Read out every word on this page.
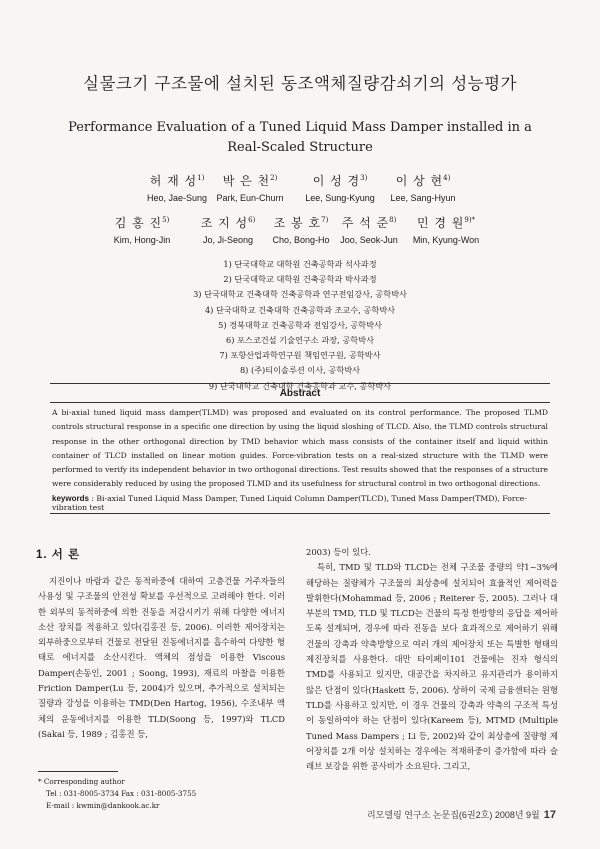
실물크기 구조물에 설치된 동조액체질량감쇠기의 성능평가
Performance Evaluation of a Tuned Liquid Mass Damper installed in a Real-Scaled Structure
허 재 성$^{1)}$
Heo, Jae-Sung
박 은 천$^{2)}$
Park, Eun-Churn
이 성 경$^{3)}$
Lee, Sung-Kyung
이 상 현$^{4)}$
Lee, Sang-Hyun
김 홍 진$^{5)}$
Kim, Hong-Jin
조 지 성$^{6)}$
Jo, Ji-Seong
조 봉 호$^{7)}$
Cho, Bong-Ho
주 석 준$^{8)}$
Joo, Seok-Jun
민 경 원$^{9)*}$
Min, Kyung-Won
1) 단국대학교 대학원 건축공학과 석사과정
2) 단국대학교 대학원 건축공학과 박사과정
3) 단국대학교 건축대학 건축공학과 연구전임강사, 공학박사
4) 단국대학교 건축대학 건축공학과 조교수, 공학박사
5) 경북대학교 건축공학과 전임강사, 공학박사
6) 포스코건설 기술연구소 과장, 공학박사
7) 포항산업과학연구원 책임연구원, 공학박사
8) (주)티이솔루션 이사, 공학박사
9) 단국대학교 건축대학 건축공학과 교수, 공학박사
Abstract
A bi-axial tuned liquid mass damper(TLMD) was proposed and evaluated on its control performance. The proposed TLMD controls structural response in a specific one direction by using the liquid sloshing of TLCD. Also, the TLMD controls structural response in the other orthogonal direction by TMD behavior which mass consists of the container itself and liquid within container of TLCD installed on linear motion guides. Force-vibration tests on a real-sized structure with the TLMD were performed to verify its independent behavior in two orthogonal directions. Test results showed that the responses of a structure were considerably reduced by using the proposed TLMD and its usefulness for structural control in two orthogonal directions.
keywords : Bi-axial Tuned Liquid Mass Damper, Tuned Liquid Column Damper(TLCD), Tuned Mass Damper(TMD), Force-vibration test
1. 서 론
지진이나 바람과 같은 동적하중에 대하여 고층건물 거주자들의 사용성 및 구조물의 안전성 확보를 우선적으로 고려해야 한다. 이러한 외부의 동적하중에 의한 진동을 저감시키기 위해 다양한 에너지 소산 장치를 적용하고 있다(김홍진 등, 2006). 이러한 제어장치는 외부하중으로부터 건물로 전달된 진동에너지를 흡수하여 다양한 형태로 에너지를 소산시킨다. 액체의 점성을 이용한 Viscous Damper(손동인, 2001 ; Soong, 1993), 재료의 마찰을 이용한 Friction Damper(Lu 등, 2004)가 있으며, 추가적으로 설치되는 질량과 강성을 이용하는 TMD(Den Hartog, 1956), 수조내부 액체의 운동에너지를 이용한 TLD(Soong 등, 1997)와 TLCD (Sakai 등, 1989 ; 김홍진 등,

2003) 등이 있다.

특히, TMD 및 TLD와 TLCD는 전체 구조물 중량의 약1~3%에 해당하는 질량체가 구조물의 최상층에 설치되어 효율적인 제어력을 발휘한다(Mohammad 등, 2006 ; Reiterer 등, 2005). 그러나 대부분의 TMD, TLD 및 TLCD는 건물의 특정 한방향의 응답을 제어하도록 설계되며, 경우에 따라 진동을 보다 효과적으로 제어하기 위해 건물의 강축과 약축방향으로 여러 개의 제어장치 또는 특별한 형태의 제진장치를 사용한다. 대만 타이페이101 건물에는 진자 형식의 TMD를 사용되고 있지만, 대공간을 차지하고 유지관리가 용이하지 않은 단점이 있다(Haskett 등, 2006). 상하이 국제 금융센터는 원형 TLD를 사용하고 있지만, 이 경우 건물의 강축과 약축의 구조적 특성이 동일하여야 하는 단점이 있다(Kareem 등), MTMD (Multiple Tuned Mass Dampers ; Li 등, 2002)와 같이 최상층에 질량형 제어장치를 2개 이상 설치하는 경우에는 적재하중이 증가함에 따라 슬래브 보강을 위한 공사비가 소요된다. 그리고,

* Corresponding author
Tel : 031-8005-3734 Fax : 031-8005-3755
E-mail : kwmin@dankook.ac.kr
리모델링 연구소 논문집(6권2호) 2008년 9월 17
